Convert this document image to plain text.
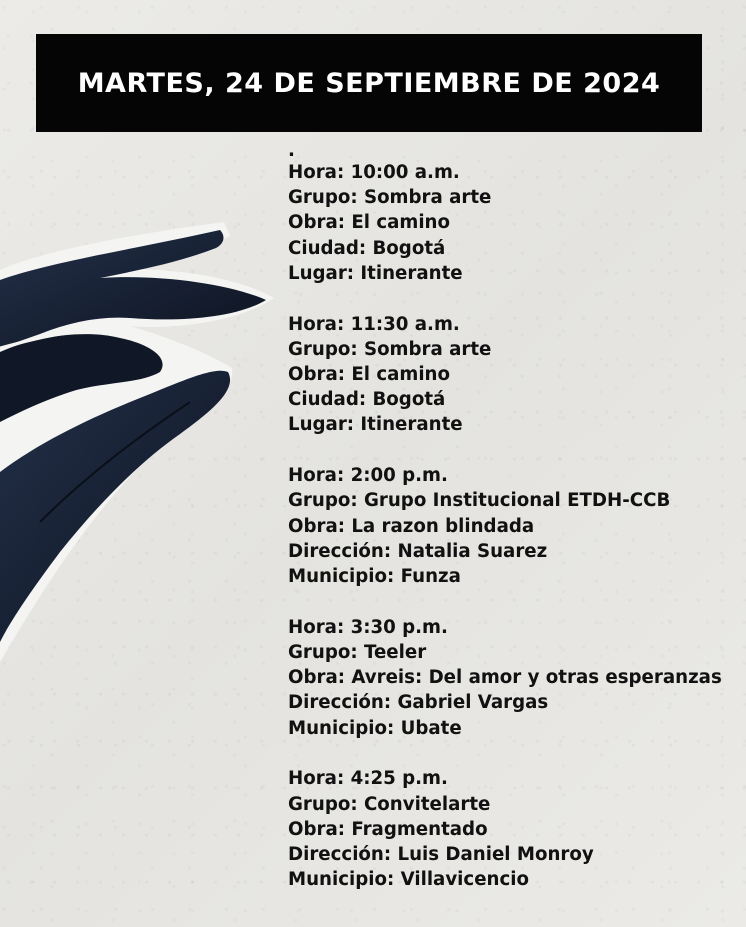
MARTES, 24 DE SEPTIEMBRE DE 2024
.
Hora: 10:00 a.m.
Grupo: Sombra arte
Obra: El camino
Ciudad: Bogotá
Lugar: Itinerante
Hora: 11:30 a.m.
Grupo: Sombra arte
Obra: El camino
Ciudad: Bogotá
Lugar: Itinerante
Hora: 2:00 p.m.
Grupo: Grupo Institucional ETDH-CCB
Obra: La razon blindada
Dirección: Natalia Suarez
Municipio: Funza
Hora: 3:30 p.m.
Grupo: Teeler
Obra: Avreis: Del amor y otras esperanzas
Dirección: Gabriel Vargas
Municipio: Ubate
Hora: 4:25 p.m.
Grupo: Convitelarte
Obra: Fragmentado
Dirección: Luis Daniel Monroy
Municipio: Villavicencio
